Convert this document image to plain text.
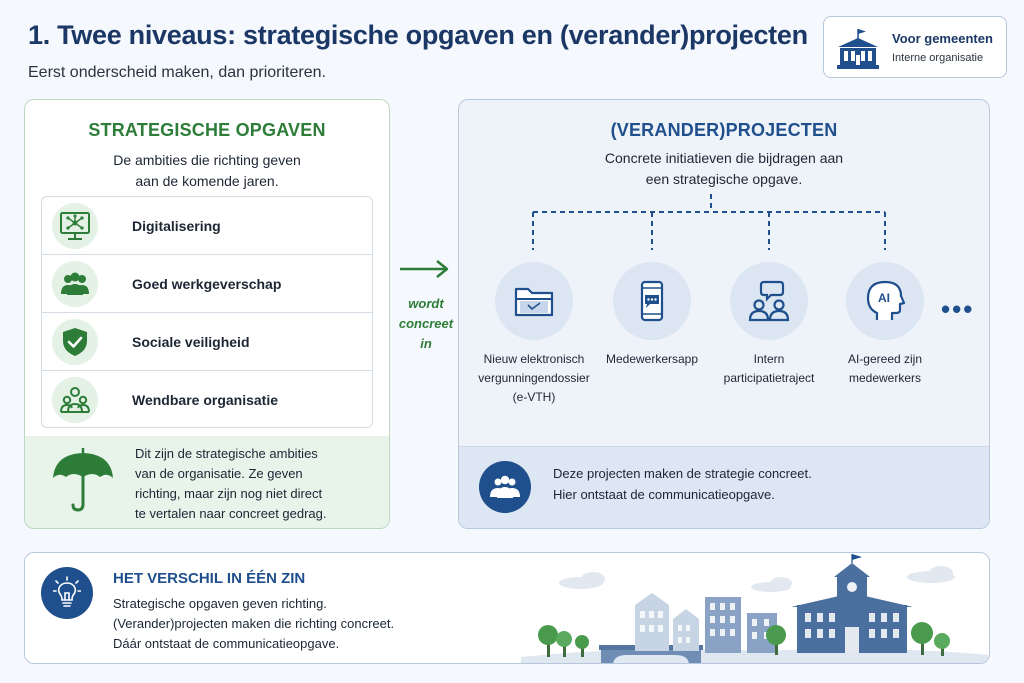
1. Twee niveaus: strategische opgaven en (verander)projecten
Eerst onderscheid maken, dan prioriteren.
Voor gemeenten
Interne organisatie
STRATEGISCHE OPGAVEN
De ambities die richting geven
aan de komende jaren.
Digitalisering
Goed werkgeverschap
Sociale veiligheid
Wendbare organisatie
Dit zijn de strategische ambities
van de organisatie. Ze geven
richting, maar zijn nog niet direct
te vertalen naar concreet gedrag.
wordt
concreet in
(VERANDER)PROJECTEN
Concrete initiatieven die bijdragen aan
een strategische opgave.
Nieuw elektronisch
vergunningendossier
(e-VTH)
Medewerkersapp	Intern
participatietraject
AI
AI-gereed zijn
medewerkers
•••
Deze projecten maken de strategie concreet.
Hier ontstaat de communicatieopgave.
HET VERSCHIL IN ÉÉN ZIN
Strategische opgaven geven richting.
(Verander)projecten maken die richting concreet.
Dáár ontstaat de communicatieopgave.
